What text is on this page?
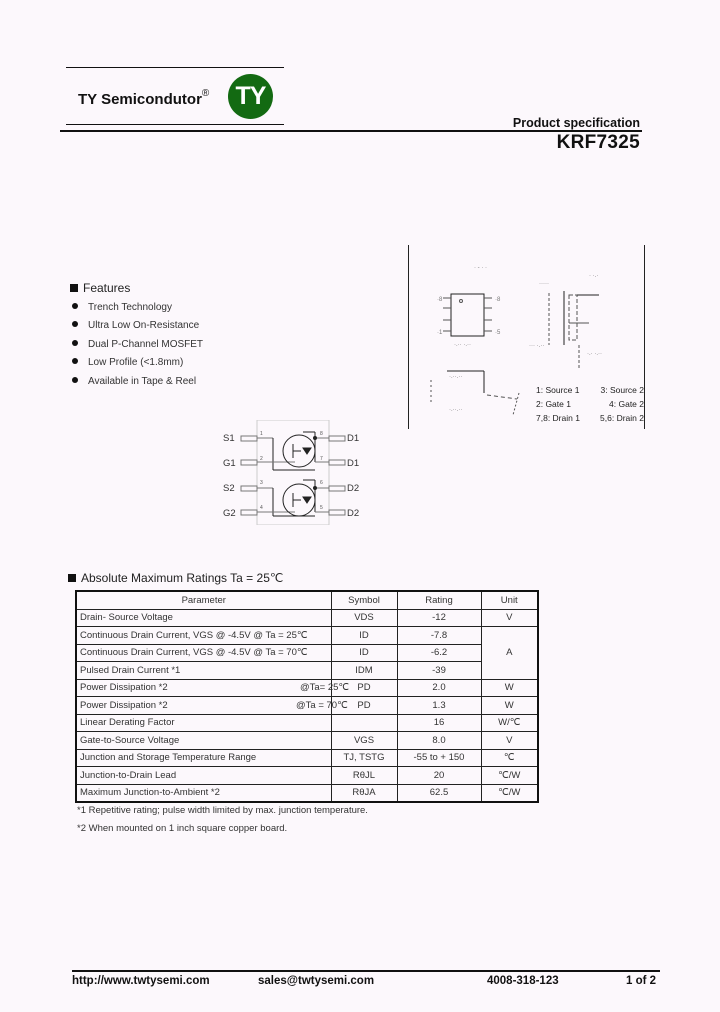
TY Semicondutor®	TY
Product specification
KRF7325
Features
Trench Technology
Ultra Low On-Resistance
Dual P-Channel MOSFET
Low Profile (<1.8mm)
Available in Tape & Reel
· - · ·
·8	·8
·1	·5
·.·· ·.··
· ·.·
·····
··· ·.··
·.· ·.··
·.··.··
·.··.··
1: Source 1 3: Source 2
2: Gate 1	4: Gate 2
7,8: Drain 1 5,6: Drain 2
1
2
3
4
8
7
6
5
S1
G1
S2
G2
D1
D1
D2
D2
Absolute Maximum Ratings Ta = 25℃
Parameter	Symbol	Rating	Unit
Drain- Source Voltage	VDS	-12	V
Continuous Drain Current, VGS @ -4.5V @ Ta = 25℃	ID	-7.8	A
Continuous Drain Current, VGS @ -4.5V @ Ta = 70℃	ID	-6.2	
Pulsed Drain Current *1	IDM	-39	
Power Dissipation *2 @Ta= 25℃	PD	2.0	W
Power Dissipation *2 @Ta = 70℃	PD	1.3	W
Linear Derating Factor		16	W/℃
Gate-to-Source Voltage	VGS	8.0	V
Junction and Storage Temperature Range	TJ, TSTG	-55 to + 150	℃
Junction-to-Drain Lead	RθJL	20	℃/W
Maximum Junction-to-Ambient *2	RθJA	62.5	℃/W
*1 Repetitive rating; pulse width limited by max. junction temperature.
*2 When mounted on 1 inch square copper board.
http://www.twtysemi.com	sales@twtysemi.com	4008-318-123	1 of 2
